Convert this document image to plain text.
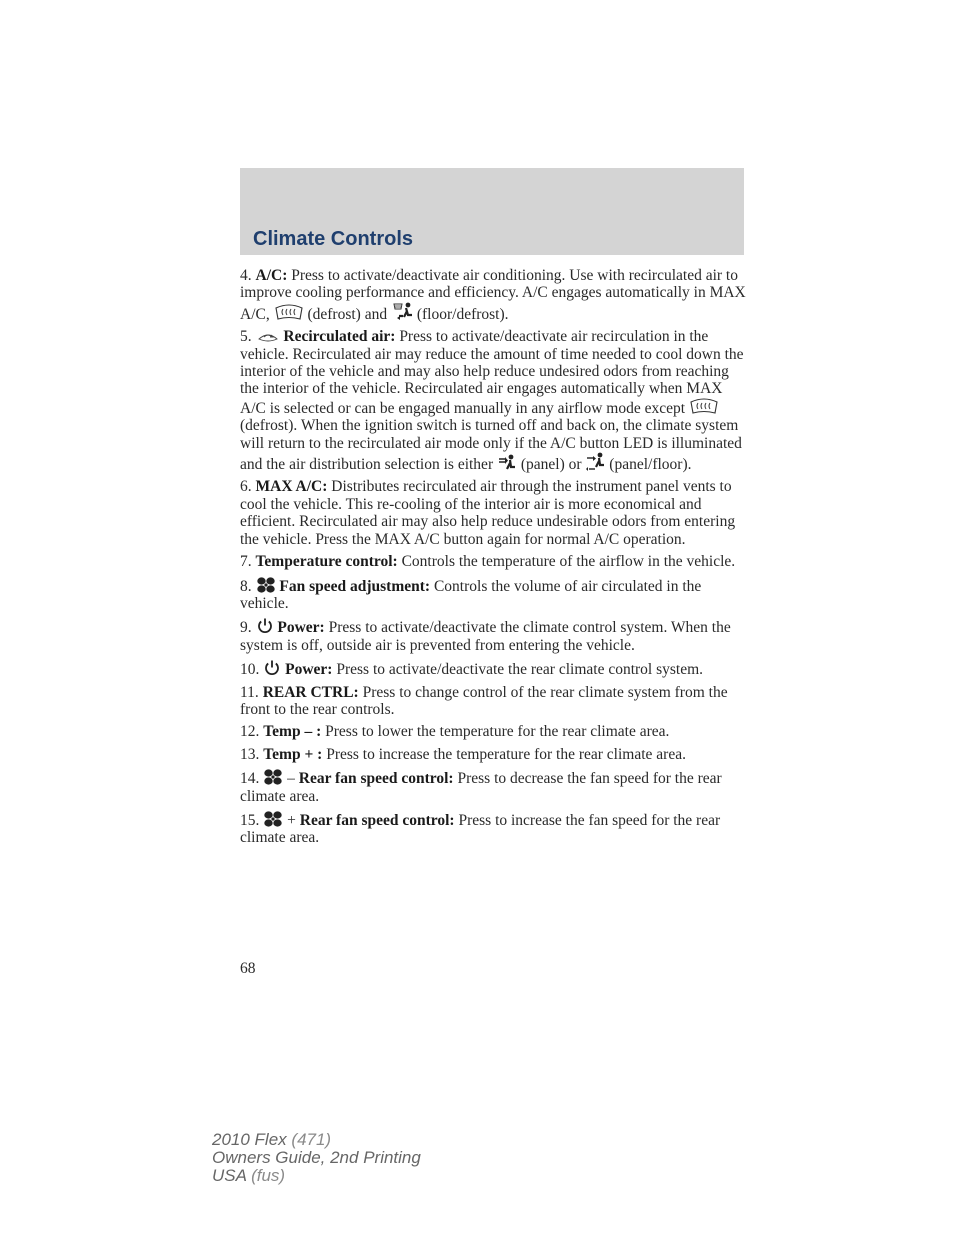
Climate Controls

4. A/C: Press to activate/deactivate air conditioning. Use with recirculated air to improve cooling performance and efficiency. A/C engages automatically in MAX A/C, (defrost) and (floor/defrost).

5. Recirculated air: Press to activate/deactivate air recirculation in the vehicle. Recirculated air may reduce the amount of time needed to cool down the interior of the vehicle and may also help reduce undesired odors from reaching the interior of the vehicle. Recirculated air engages automatically when MAX A/C is selected or can be engaged manually in any airflow mode except
(defrost). When the ignition switch is turned off and back on, the climate system will return to the recirculated air mode only if the A/C button LED is illuminated and the air distribution selection is either (panel) or (panel/floor).

6. MAX A/C: Distributes recirculated air through the instrument panel vents to cool the vehicle. This re-cooling of the interior air is more economical and efficient. Recirculated air may also help reduce undesirable odors from entering the vehicle. Press the MAX A/C button again for normal A/C operation.

7. Temperature control: Controls the temperature of the airflow in the vehicle.

8. Fan speed adjustment: Controls the volume of air circulated in the vehicle.

9. Power: Press to activate/deactivate the climate control system. When the system is off, outside air is prevented from entering the vehicle.

10. Power: Press to activate/deactivate the rear climate control system.

11. REAR CTRL: Press to change control of the rear climate system from the front to the rear controls.

12. Temp – : Press to lower the temperature for the rear climate area.

13. Temp + : Press to increase the temperature for the rear climate area.

14. – Rear fan speed control: Press to decrease the fan speed for the rear climate area.

15. + Rear fan speed control: Press to increase the fan speed for the rear climate area.

68
2010 Flex (471)
Owners Guide, 2nd Printing
USA (fus)
